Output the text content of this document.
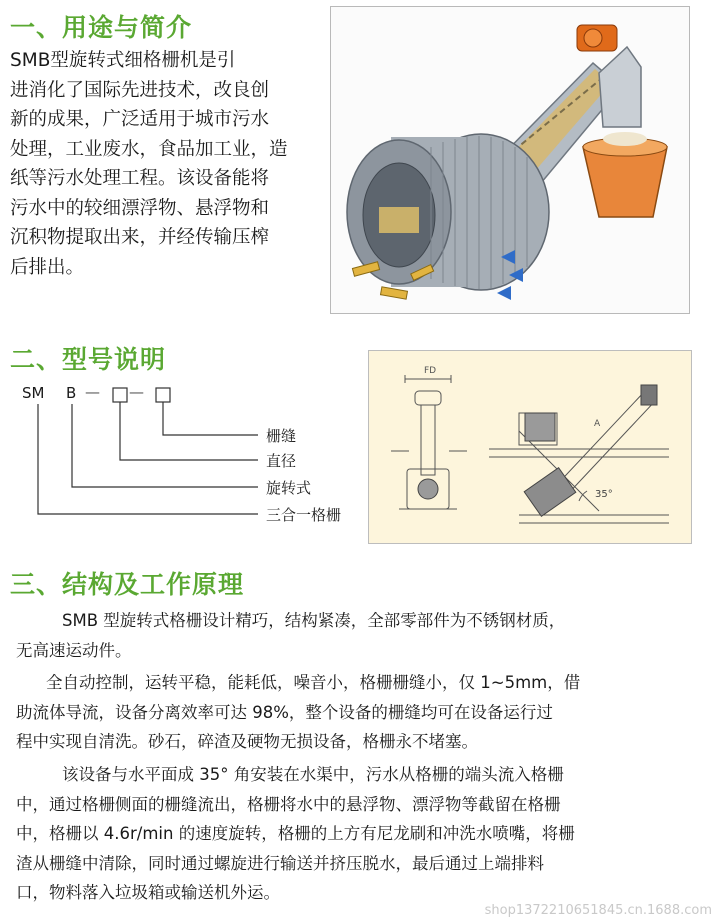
一、用途与简介
SMB型旋转式细格栅机是引
进消化了国际先进技术，改良创
新的成果，广泛适用于城市污水
处理，工业废水，食品加工业，造
纸等污水处理工程。该设备能将
污水中的较细漂浮物、悬浮物和
沉积物提取出来，并经传输压榨
后排出。
二、型号说明
SM B — —
栅缝
直径
旋转式
三合一格栅
FD
A
35°
三、结构及工作原理
SMB 型旋转式格栅设计精巧，结构紧凑，全部零部件为不锈钢材质，
无高速运动件。
全自动控制，运转平稳，能耗低，噪音小，格栅栅缝小，仅 1~5mm，借
助流体导流，设备分离效率可达 98%，整个设备的栅缝均可在设备运行过
程中实现自清洗。砂石，碎渣及硬物无损设备，格栅永不堵塞。
该设备与水平面成 35° 角安装在水渠中，污水从格栅的端头流入格栅
中，通过格栅侧面的栅缝流出，格栅将水中的悬浮物、漂浮物等截留在格栅
中，格栅以 4.6r/min 的速度旋转，格栅的上方有尼龙刷和冲洗水喷嘴，将栅
渣从栅缝中清除，同时通过螺旋进行输送并挤压脱水，最后通过上端排料
口，物料落入垃圾箱或输送机外运。
shop1372210651845.cn.1688.com
